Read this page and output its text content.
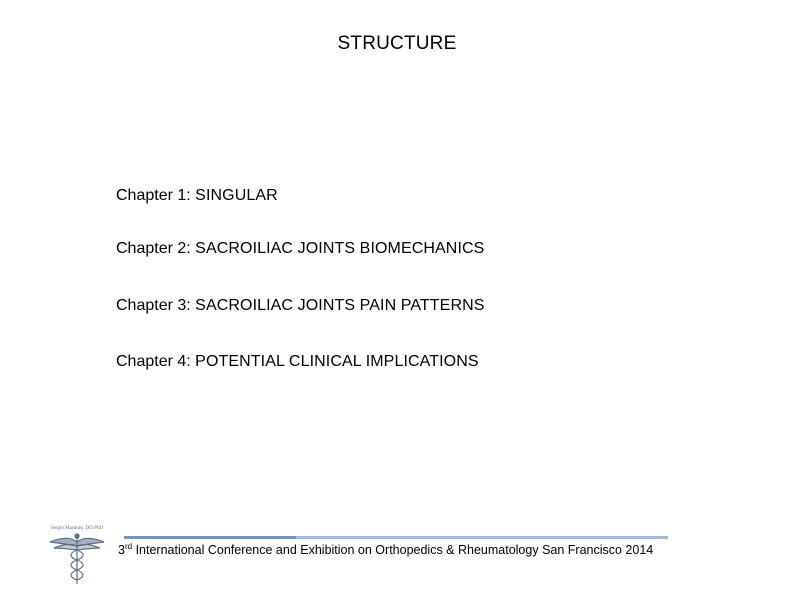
STRUCTURE
Chapter 1: SINGULAR
Chapter 2: SACROILIAC JOINTS BIOMECHANICS
Chapter 3: SACROILIAC JOINTS PAIN PATTERNS
Chapter 4: POTENTIAL CLINICAL IMPLICATIONS
Sergio Martinez. DO PhD
3rd International Conference and Exhibition on Orthopedics & Rheumatology San Francisco 2014
